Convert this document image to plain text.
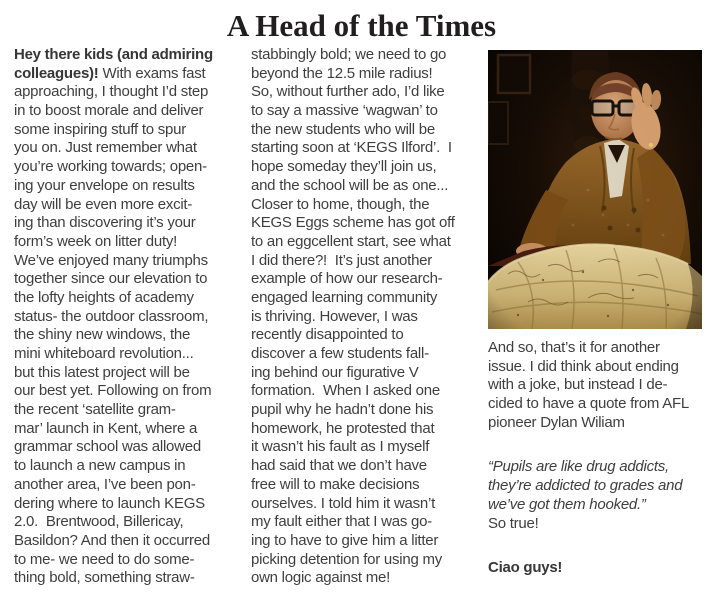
A Head of the Times
Hey there kids (and admiring
colleagues)! With exams fast
approaching, I thought I’d step
in to boost morale and deliver
some inspiring stuff to spur
you on. Just remember what
you’re working towards; open-
ing your envelope on results
day will be even more excit-
ing than discovering it’s your
form’s week on litter duty!
We’ve enjoyed many triumphs
together since our elevation to
the lofty heights of academy
status- the outdoor classroom,
the shiny new windows, the
mini whiteboard revolution...
but this latest project will be
our best yet. Following on from
the recent ‘satellite gram-
mar’ launch in Kent, where a
grammar school was allowed
to launch a new campus in
another area, I’ve been pon-
dering where to launch KEGS
2.0.  Brentwood, Billericay,
Basildon? And then it occurred
to me- we need to do some-
thing bold, something straw-
stabbingly bold; we need to go
beyond the 12.5 mile radius!
So, without further ado, I’d like
to say a massive ‘wagwan’ to
the new students who will be
starting soon at ‘KEGS Ilford’.  I
hope someday they’ll join us,
and the school will be as one...
Closer to home, though, the
KEGS Eggs scheme has got off
to an eggcellent start, see what
I did there?!  It’s just another
example of how our research-
engaged learning community
is thriving. However, I was
recently disappointed to
discover a few students fall-
ing behind our figurative V
formation.  When I asked one
pupil why he hadn’t done his
homework, he protested that
it wasn’t his fault as I myself
had said that we don’t have
free will to make decisions
ourselves. I told him it wasn’t
my fault either that I was go-
ing to have to give him a litter
picking detention for using my
own logic against me!
And so, that’s it for another
issue. I did think about ending
with a joke, but instead I de-
cided to have a quote from AFL
pioneer Dylan Wiliam

“Pupils are like drug addicts,
they’re addicted to grades and
we’ve got them hooked.”
So true!

Ciao guys!
